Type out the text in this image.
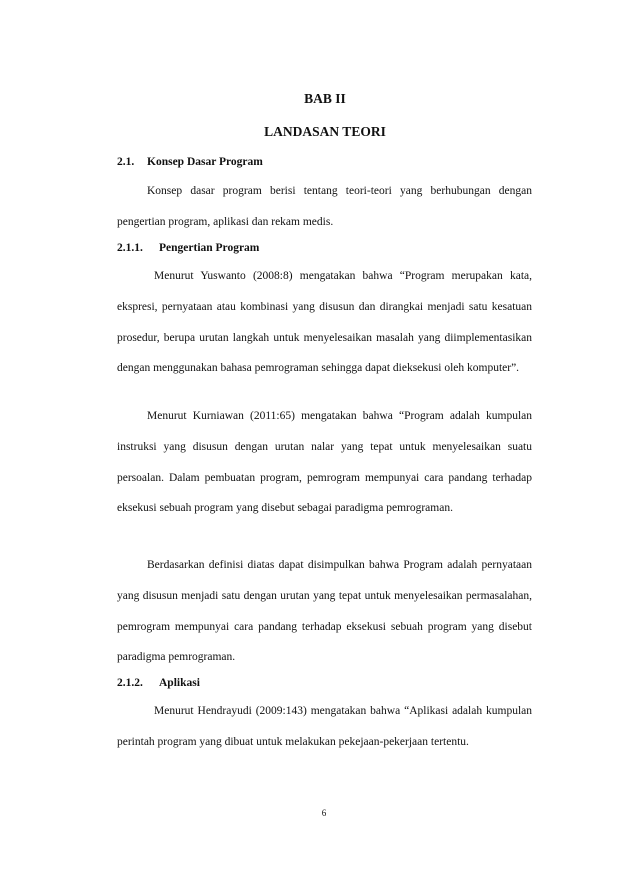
BAB II
LANDASAN TEORI
2.1. Konsep Dasar Program

Konsep dasar program berisi tentang teori-teori yang berhubungan dengan pengertian program, aplikasi dan rekam medis.

2.1.1. Pengertian Program

Menurut Yuswanto (2008:8) mengatakan bahwa “Program merupakan kata, ekspresi, pernyataan atau kombinasi yang disusun dan dirangkai menjadi satu kesatuan prosedur, berupa urutan langkah untuk menyelesaikan masalah yang diimplementasikan dengan menggunakan bahasa pemrograman sehingga dapat dieksekusi oleh komputer”.

Menurut Kurniawan (2011:65) mengatakan bahwa “Program adalah kumpulan instruksi yang disusun dengan urutan nalar yang tepat untuk menyelesaikan suatu persoalan. Dalam pembuatan program, pemrogram mempunyai cara pandang terhadap eksekusi sebuah program yang disebut sebagai paradigma pemrograman.

Berdasarkan definisi diatas dapat disimpulkan bahwa Program adalah pernyataan yang disusun menjadi satu dengan urutan yang tepat untuk menyelesaikan permasalahan, pemrogram mempunyai cara pandang terhadap eksekusi sebuah program yang disebut paradigma pemrograman.

2.1.2. Aplikasi

Menurut Hendrayudi (2009:143) mengatakan bahwa “Aplikasi adalah kumpulan perintah program yang dibuat untuk melakukan pekejaan-pekerjaan tertentu.

6
